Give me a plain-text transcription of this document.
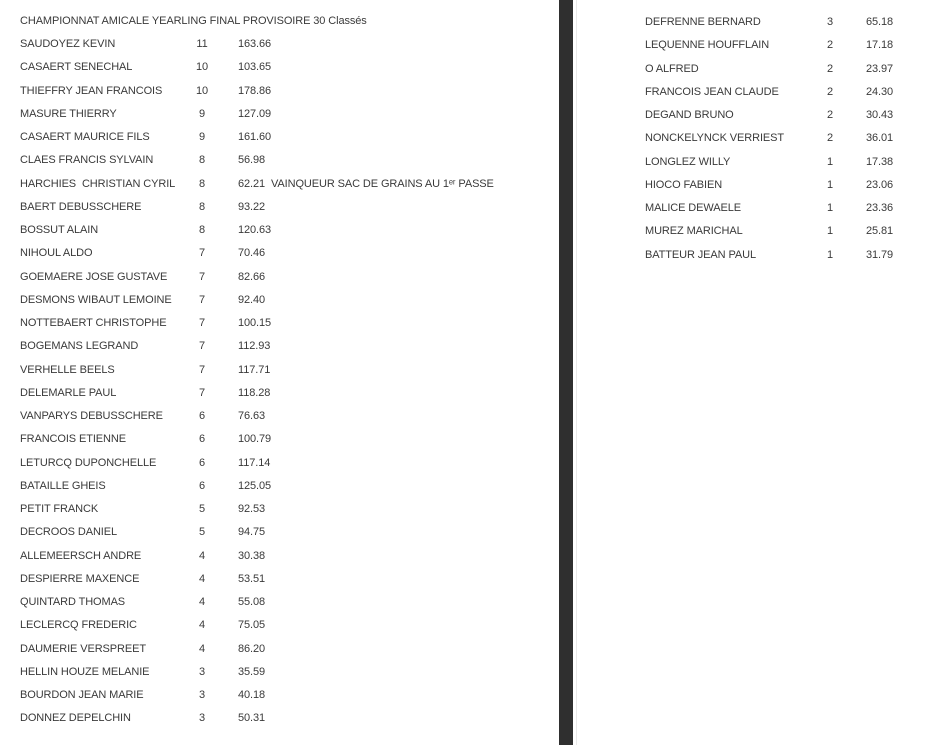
CHAMPIONNAT AMICALE YEARLING FINAL PROVISOIRE 30 Classés
SAUDOYEZ KEVIN	11	163.66
CASAERT SENECHAL	10	103.65
THIEFFRY JEAN FRANCOIS	10	178.86
MASURE THIERRY	9	127.09
CASAERT MAURICE FILS	9	161.60
CLAES FRANCIS SYLVAIN	8	56.98
HARCHIES  CHRISTIAN CYRIL	8	62.21 VAINQUEUR SAC DE GRAINS AU 1ᵉʳ PASSE
BAERT DEBUSSCHERE	8	93.22
BOSSUT ALAIN	8	120.63
NIHOUL ALDO	7	70.46
GOEMAERE JOSE GUSTAVE	7	82.66
DESMONS WIBAUT LEMOINE	7	92.40
NOTTEBAERT CHRISTOPHE	7	100.15
BOGEMANS LEGRAND	7	112.93
VERHELLE BEELS	7	117.71
DELEMARLE PAUL	7	118.28
VANPARYS DEBUSSCHERE	6	76.63
FRANCOIS ETIENNE	6	100.79
LETURCQ DUPONCHELLE	6	117.14
BATAILLE GHEIS	6	125.05
PETIT FRANCK	5	92.53
DECROOS DANIEL	5	94.75
ALLEMEERSCH ANDRE	4	30.38
DESPIERRE MAXENCE	4	53.51
QUINTARD THOMAS	4	55.08
LECLERCQ FREDERIC	4	75.05
DAUMERIE VERSPREET	4	86.20
HELLIN HOUZE MELANIE	3	35.59
BOURDON JEAN MARIE	3	40.18
DONNEZ DEPELCHIN	3	50.31
DEFRENNE BERNARD	3	65.18
LEQUENNE HOUFFLAIN	2	17.18
O ALFRED	2	23.97
FRANCOIS JEAN CLAUDE	2	24.30
DEGAND BRUNO	2	30.43
NONCKELYNCK VERRIEST	2	36.01
LONGLEZ WILLY	1	17.38
HIOCO FABIEN	1	23.06
MALICE DEWAELE	1	23.36
MUREZ MARICHAL	1	25.81
BATTEUR JEAN PAUL	1	31.79
